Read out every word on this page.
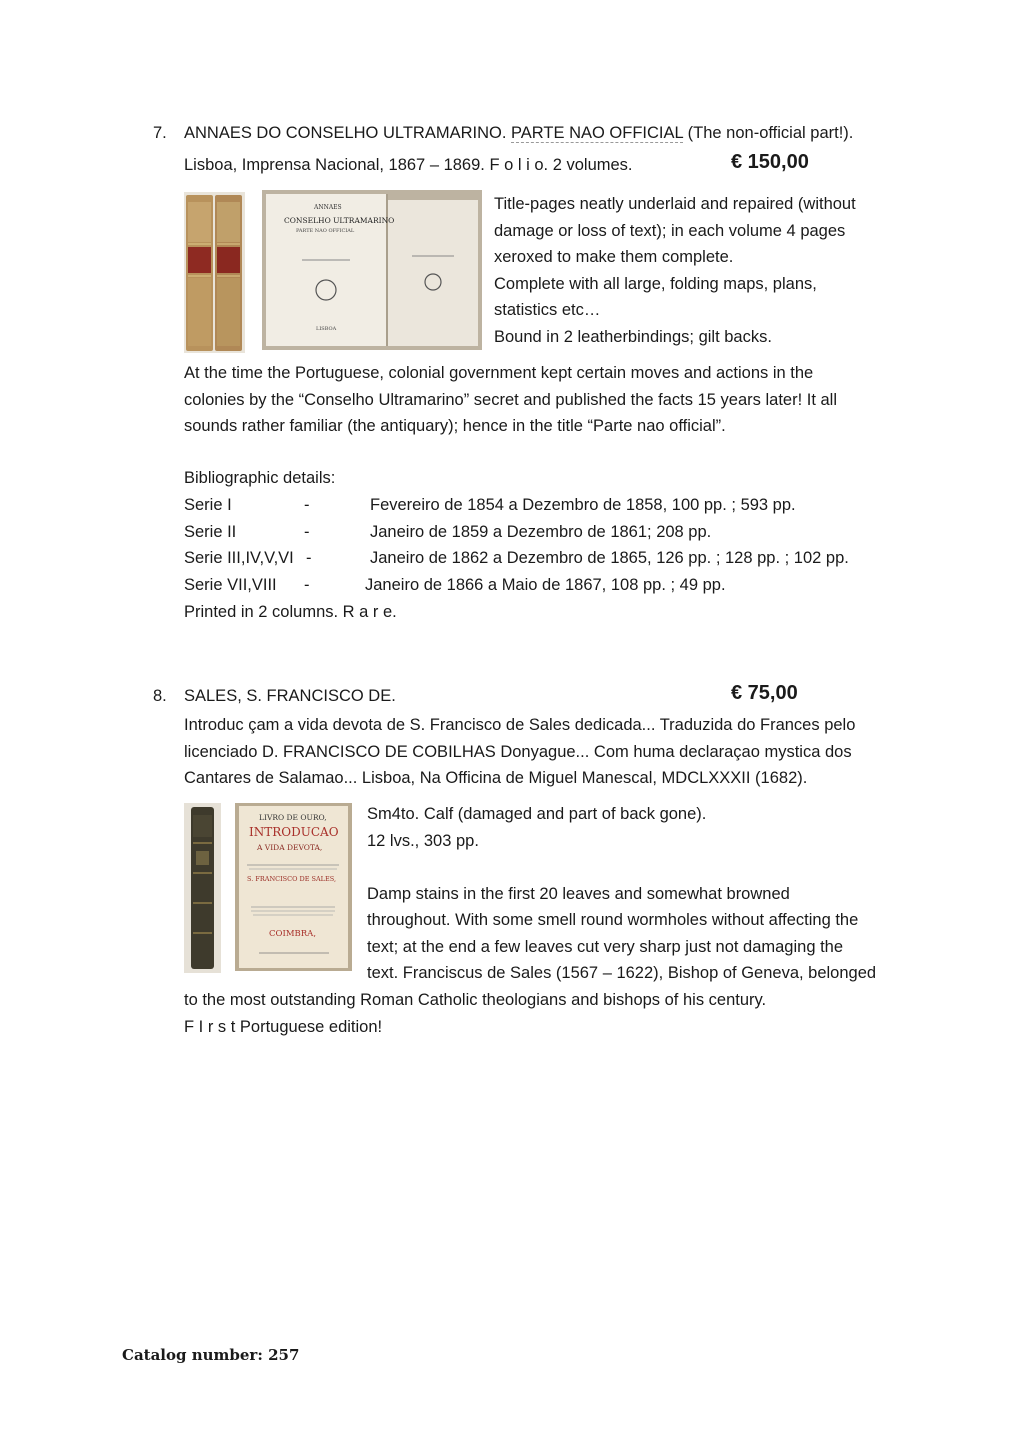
7. ANNAES DO CONSELHO ULTRAMARINO. PARTE NAO OFFICIAL (The non-official part!).
Lisboa, Imprensa Nacional, 1867 – 1869. F o l i o. 2 volumes.	€ 150,00
ANNAES
CONSELHO ULTRAMARINO
PARTE NAO OFFICIAL
LISBOA
Title-pages neatly underlaid and repaired (without
damage or loss of text); in each volume 4 pages
xeroxed to make them complete.
Complete with all large, folding maps, plans,
statistics etc…
Bound in 2 leatherbindings; gilt backs.
At the time the Portuguese, colonial government kept certain moves and actions in the
colonies by the “Conselho Ultramarino” secret and published the facts 15 years later! It all
sounds rather familiar (the antiquary); hence in the title “Parte nao official”.
Bibliographic details:
Serie I	-	Fevereiro de 1854 a Dezembro de 1858, 100 pp. ; 593 pp.
Serie II	-	Janeiro de 1859 a Dezembro de 1861; 208 pp.
Serie III,IV,V,VI -	Janeiro de 1862 a Dezembro de 1865, 126 pp. ; 128 pp. ; 102 pp.
Serie VII,VIII -	Janeiro de 1866 a Maio de 1867, 108 pp. ; 49 pp.
Printed in 2 columns. R a r e.
8. SALES, S. FRANCISCO DE.	€ 75,00
Introduc çam a vida devota de S. Francisco de Sales dedicada... Traduzida do Frances pelo
licenciado D. FRANCISCO DE COBILHAS Donyague... Com huma declaraçao mystica dos
Cantares de Salamao... Lisboa, Na Officina de Miguel Manescal, MDCLXXXII (1682).
LIVRO DE OURO,
INTRODUCAO
A VIDA DEVOTA,
S. FRANCISCO DE SALES,
COIMBRA,
Sm4to. Calf (damaged and part of back gone).
12 lvs., 303 pp.

Damp stains in the first 20 leaves and somewhat browned
throughout. With some smell round wormholes without affecting the
text; at the end a few leaves cut very sharp just not damaging the
text. Franciscus de Sales (1567 – 1622), Bishop of Geneva, belonged
to the most outstanding Roman Catholic theologians and bishops of his century.
F I r s t Portuguese edition!
Catalog number: 257
